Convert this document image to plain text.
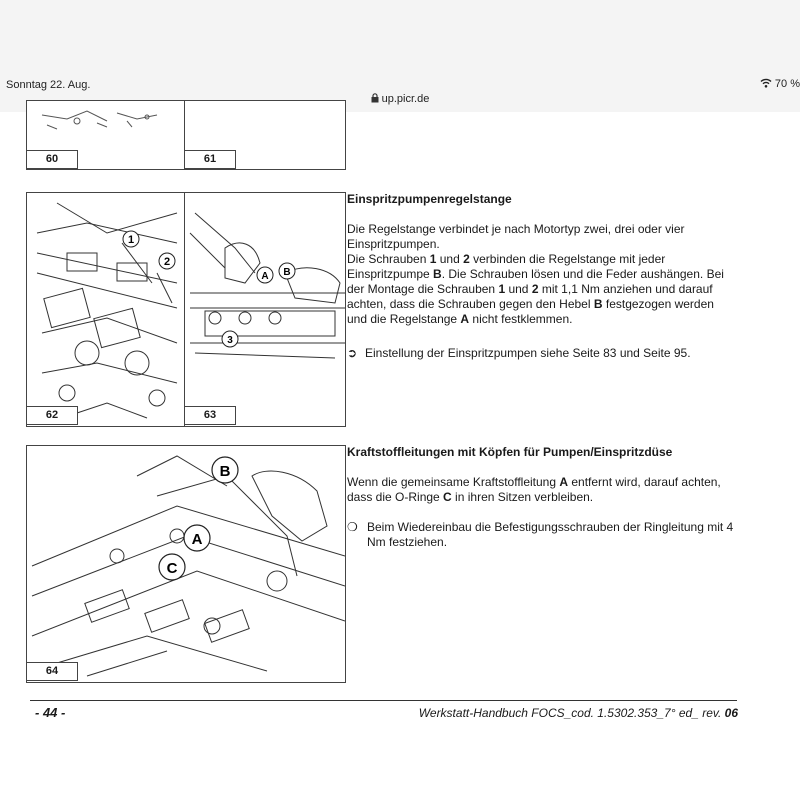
Sonntag 22. Aug.	70 %
up.picr.de
60	61
1
2
62
A B
3
63
B
A
C
64
Einspritzpumpenregelstange

Die Regelstange verbindet je nach Motortyp zwei, drei oder vier Einspritzpumpen.

Die Schrauben 1 und 2 verbinden die Regelstange mit jeder Einspritzpumpe B. Die Schrauben lösen und die Feder aushängen. Bei der Montage die Schrauben 1 und 2 mit 1,1 Nm anziehen und darauf achten, dass die Schrauben gegen den Hebel B festgezogen werden und die Regelstange A nicht festklemmen.

➲ Einstellung der Einspritzpumpen siehe Seite 83 und Seite 95.
Kraftstoffleitungen mit Köpfen für Pumpen/Einspritzdüse

Wenn die gemeinsame Kraftstoffleitung A entfernt wird, darauf achten, dass die O-Ringe C in ihren Sitzen verbleiben.

❍ Beim Wiedereinbau die Befestigungsschrauben der Ringleitung mit 4 Nm festziehen.
- 44 -	Werkstatt-Handbuch FOCS_cod. 1.5302.353_7° ed_ rev. 06
